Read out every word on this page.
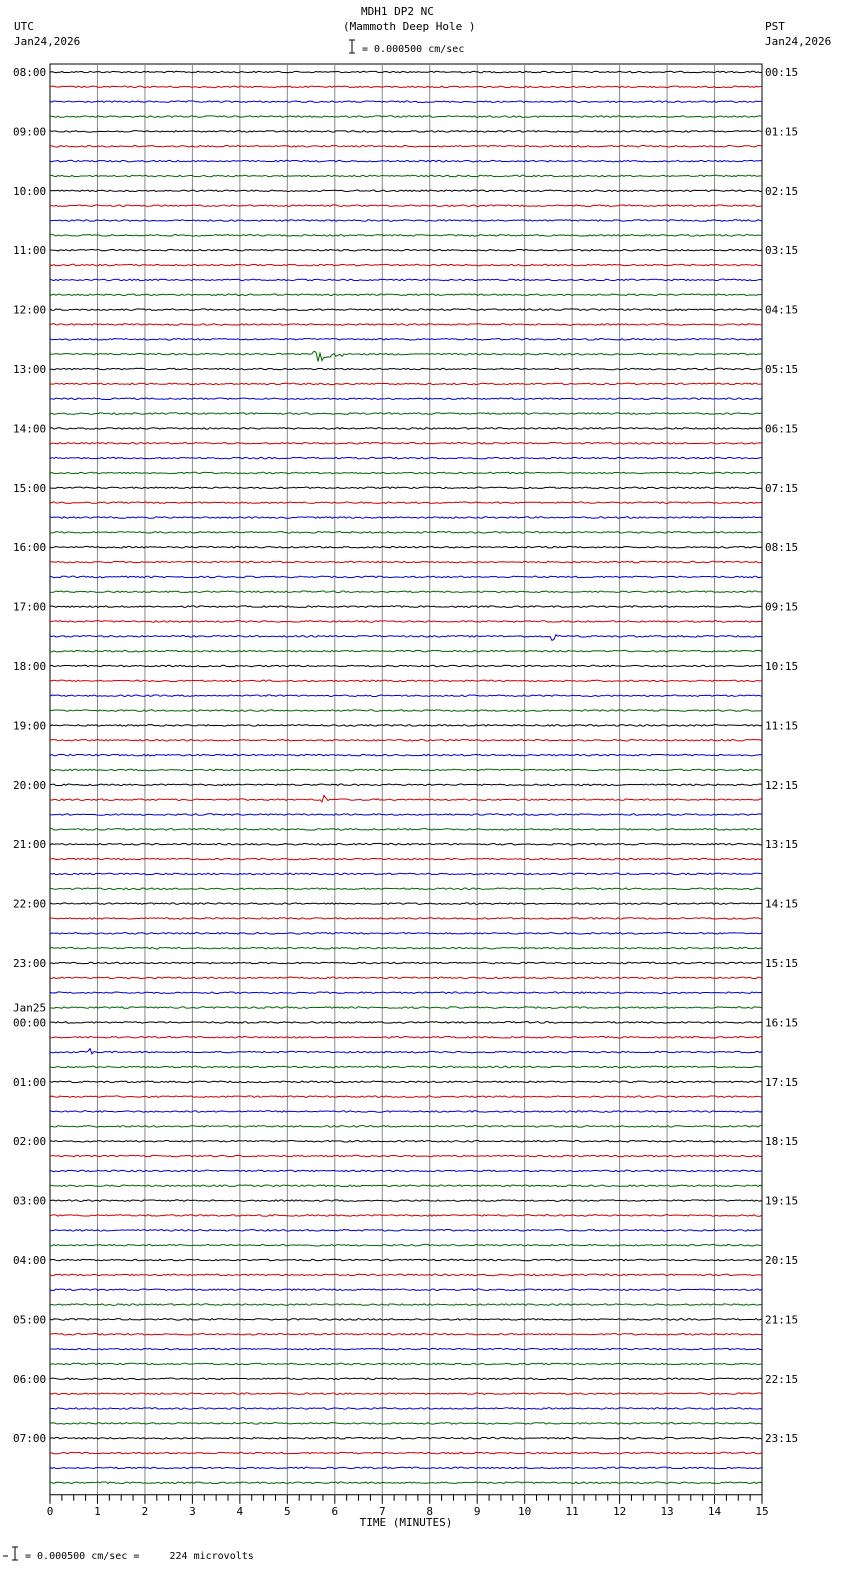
MDH1 DP2 NC
(Mammoth Deep Hole )
= 0.000500 cm/sec
UTC
Jan24,2026
PST
Jan24,2026
= 0.000500 cm/sec =     224 microvolts
0	1	2	3	4	5	6	7	8	9	10	11	12	13	14	15
TIME (MINUTES)
08:00
09:00
10:00
11:00
12:00
13:00
14:00
15:00
16:00
17:00
18:00
19:00
20:00
21:00
22:00
23:00
00:00
01:00
02:00
03:00
04:00
05:00
06:00
07:00
00:15
01:15
02:15
03:15
04:15
05:15
06:15
07:15
08:15
09:15
10:15
11:15
12:15
13:15
14:15
15:15
16:15
17:15
18:15
19:15
20:15
21:15
22:15
23:15
Jan25
